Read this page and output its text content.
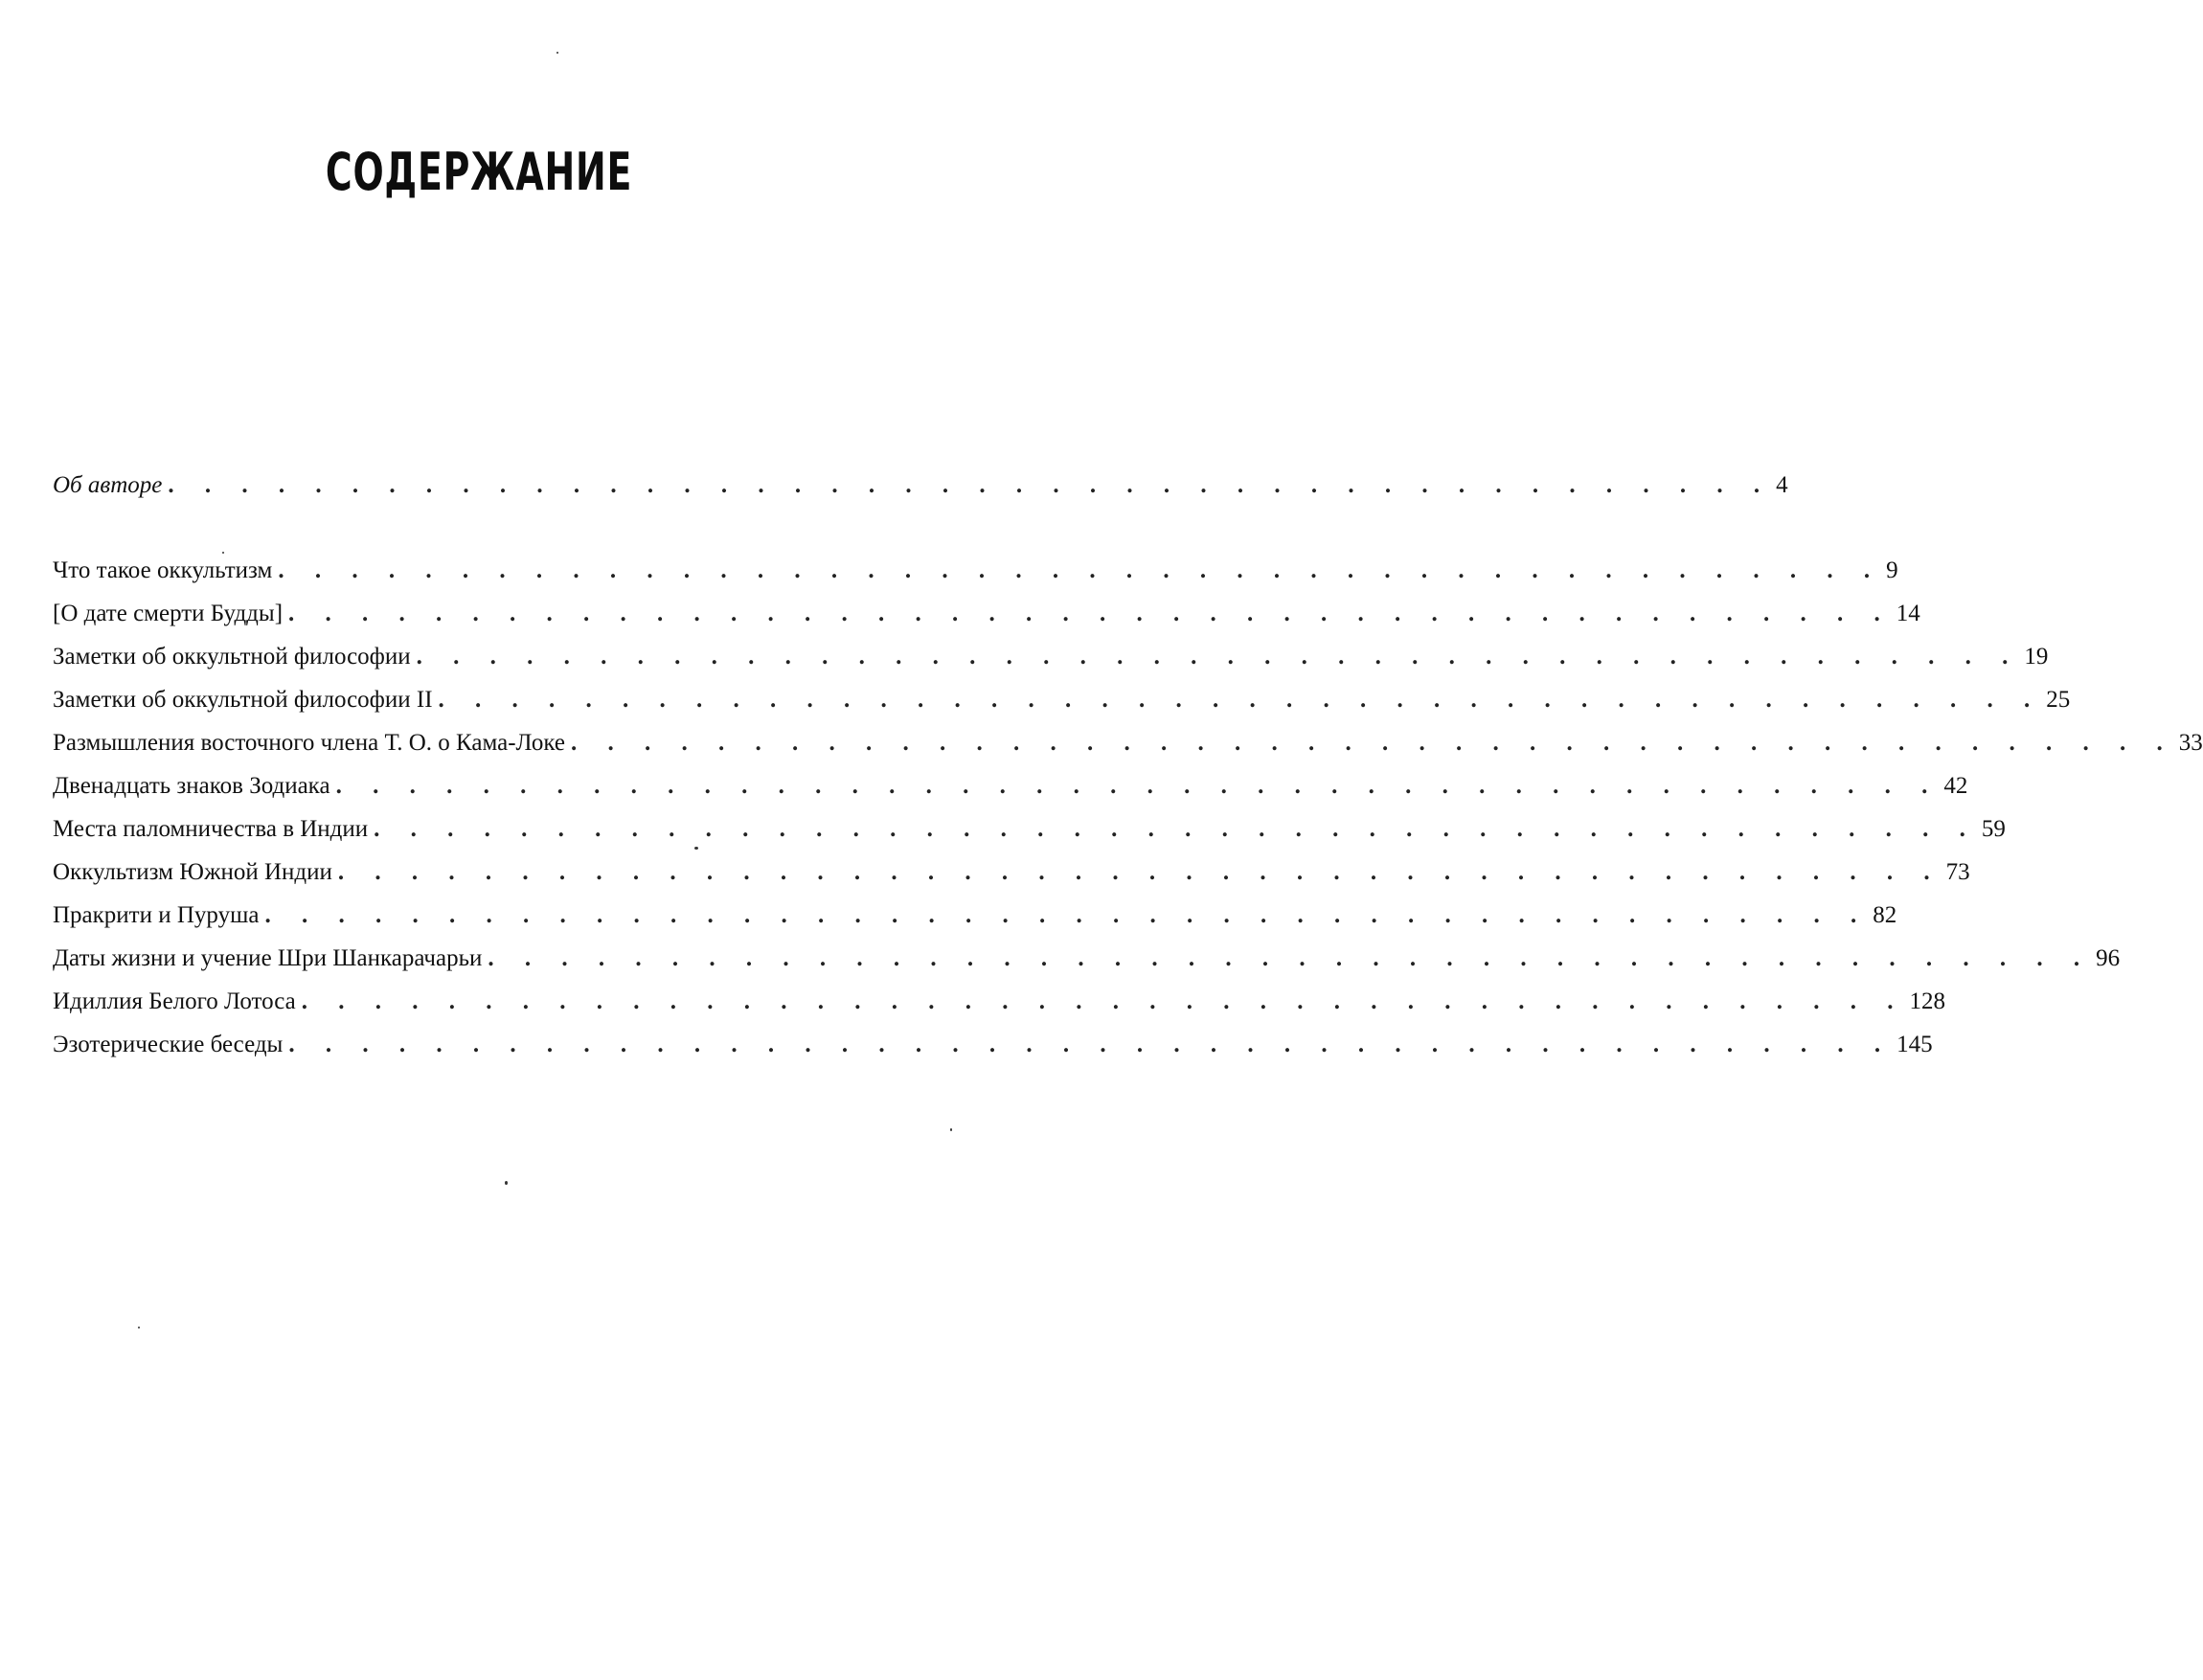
СОДЕРЖАНИЕ
Об авторе . . . . . . . . . . . . . . . . . . . . . . . . . . . . . . . . . . . . . . . . . . . . 4
Что такое оккультизм . . . . . . . . . . . . . . . . . . . . . . . . . . . . . . . . . . . . . . . . . . . . 9
[О дате смерти Будды] . . . . . . . . . . . . . . . . . . . . . . . . . . . . . . . . . . . . . . . . . . . . 14
Заметки об оккультной философии . . . . . . . . . . . . . . . . . . . . . . . . . . . . . . . . . . . . . . . . . . . . 19
Заметки об оккультной философии II . . . . . . . . . . . . . . . . . . . . . . . . . . . . . . . . . . . . . . . . . . . . 25
Размышления восточного члена Т. О. о Кама-Локе . . . . . . . . . . . . . . . . . . . . . . . . . . . . . . . . . . . . . . . . . . . . 33
Двенадцать знаков Зодиака . . . . . . . . . . . . . . . . . . . . . . . . . . . . . . . . . . . . . . . . . . . . 42
Места паломничества в Индии . . . . . . . . . . . . . . . . . . . . . . . . . . . . . . . . . . . . . . . . . . . . 59
Оккультизм Южной Индии . . . . . . . . . . . . . . . . . . . . . . . . . . . . . . . . . . . . . . . . . . . . 73
Пракрити и Пуруша . . . . . . . . . . . . . . . . . . . . . . . . . . . . . . . . . . . . . . . . . . . . 82
Даты жизни и учение Шри Шанкарачарьи . . . . . . . . . . . . . . . . . . . . . . . . . . . . . . . . . . . . . . . . . . . . 96
Идиллия Белого Лотоса . . . . . . . . . . . . . . . . . . . . . . . . . . . . . . . . . . . . . . . . . . . . 128
Эзотерические беседы . . . . . . . . . . . . . . . . . . . . . . . . . . . . . . . . . . . . . . . . . . . . 145
